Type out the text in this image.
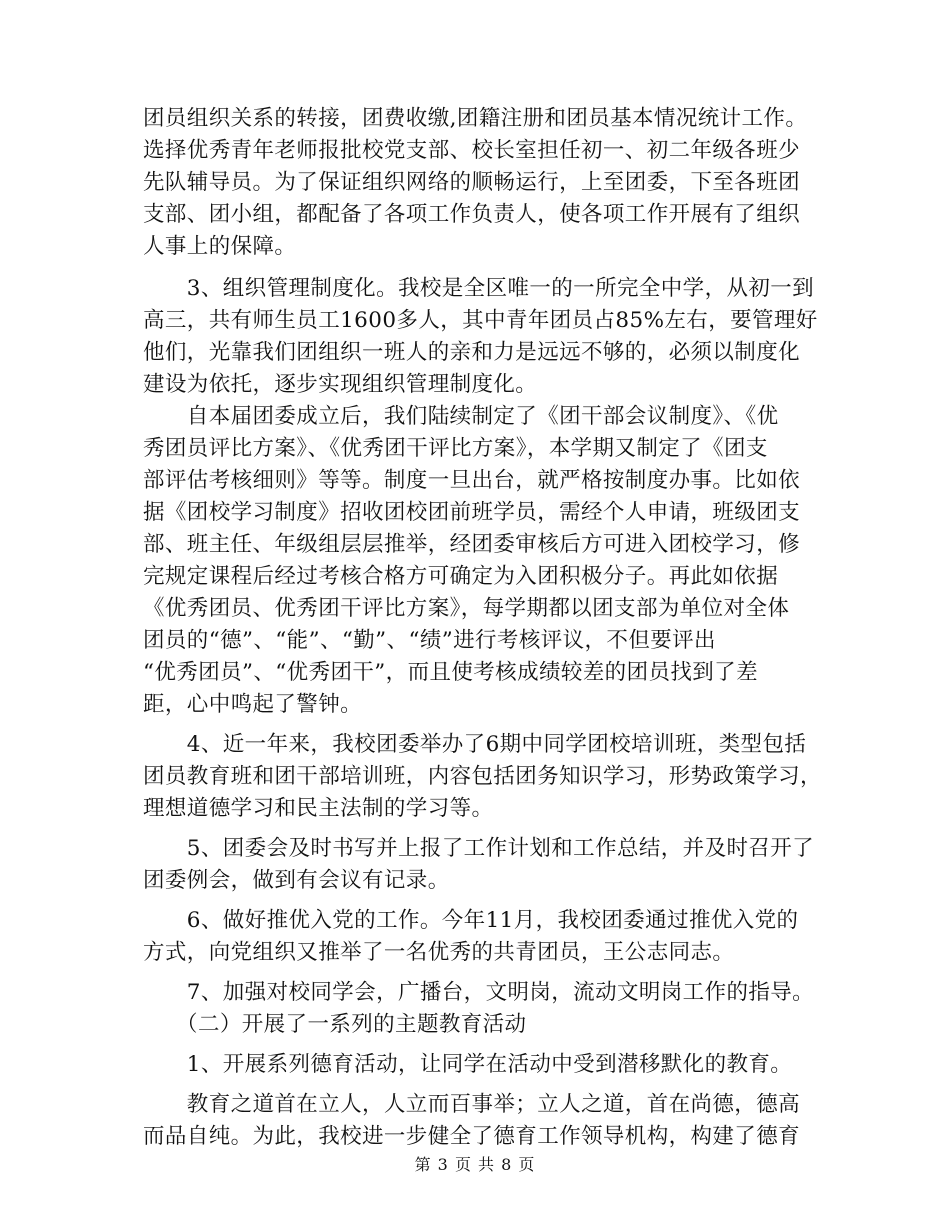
团员组织关系的转接，团费收缴,团籍注册和团员基本情况统计工作。
选择优秀青年老师报批校党支部、校长室担任初一、初二年级各班少
先队辅导员。为了保证组织网络的顺畅运行，上至团委，下至各班团
支部、团小组，都配备了各项工作负责人，使各项工作开展有了组织
人事上的保障。
　　3、组织管理制度化。我校是全区唯一的一所完全中学，从初一到
高三，共有师生员工1600多人，其中青年团员占85%左右，要管理好
他们，光靠我们团组织一班人的亲和力是远远不够的，必须以制度化
建设为依托，逐步实现组织管理制度化。
　　自本届团委成立后，我们陆续制定了《团干部会议制度》、《优
秀团员评比方案》、《优秀团干评比方案》，本学期又制定了《团支
部评估考核细则》等等。制度一旦出台，就严格按制度办事。比如依
据《团校学习制度》招收团校团前班学员，需经个人申请，班级团支
部、班主任、年级组层层推举，经团委审核后方可进入团校学习，修
完规定课程后经过考核合格方可确定为入团积极分子。再此如依据
《优秀团员、优秀团干评比方案》，每学期都以团支部为单位对全体
团员的“德”、“能”、“勤”、“绩”进行考核评议，不但要评出
“优秀团员”、“优秀团干”，而且使考核成绩较差的团员找到了差
距，心中鸣起了警钟。
　　4、近一年来，我校团委举办了6期中同学团校培训班，类型包括
团员教育班和团干部培训班，内容包括团务知识学习，形势政策学习，
理想道德学习和民主法制的学习等。
　　5、团委会及时书写并上报了工作计划和工作总结，并及时召开了
团委例会，做到有会议有记录。
　　6、做好推优入党的工作。今年11月，我校团委通过推优入党的
方式，向党组织又推举了一名优秀的共青团员，王公志同志。
　　7、加强对校同学会，广播台，文明岗，流动文明岗工作的指导。
　　（二）开展了一系列的主题教育活动
　　1、开展系列德育活动，让同学在活动中受到潜移默化的教育。
　　教育之道首在立人，人立而百事举；立人之道，首在尚德，德高
而品自纯。为此，我校进一步健全了德育工作领导机构，构建了德育
第 3 页 共 8 页
